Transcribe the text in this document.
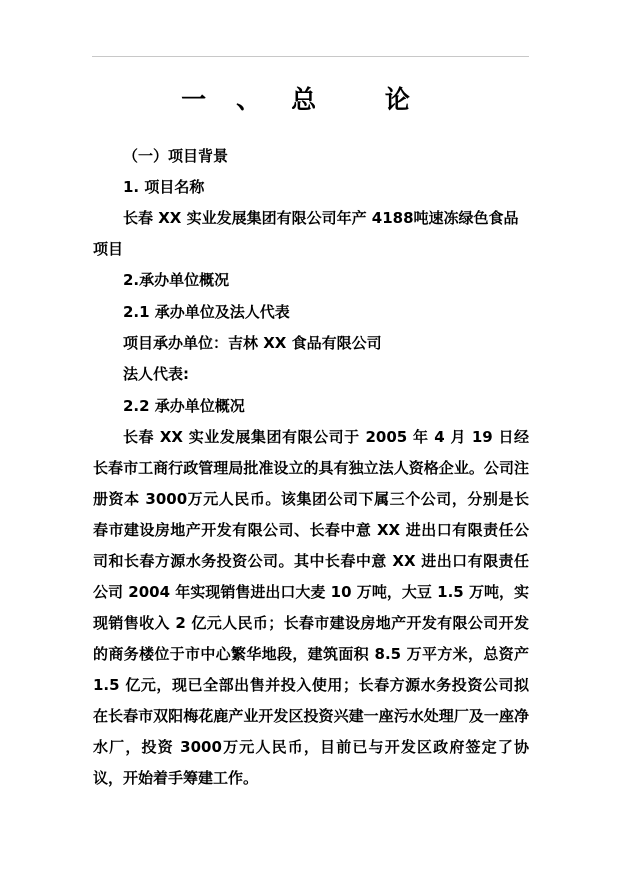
一、总 论
（一）项目背景
1. 项目名称
长春 XX 实业发展集团有限公司年产 4188吨速冻绿色食品
项目
2.承办单位概况
2.1 承办单位及法人代表
项目承办单位：吉林 XX 食品有限公司
法人代表:
2.2 承办单位概况
长春 XX 实业发展集团有限公司于 2005 年 4 月 19 日经长春市工商行政管理局批准设立的具有独立法人资格企业。公司注册资本 3000万元人民币。该集团公司下属三个公司，分别是长春市建设房地产开发有限公司、长春中意 XX 进出口有限责任公司和长春方源水务投资公司。其中长春中意 XX 进出口有限责任公司 2004 年实现销售进出口大麦 10 万吨，大豆 1.5 万吨，实现销售收入 2 亿元人民币；长春市建设房地产开发有限公司开发的商务楼位于市中心繁华地段，建筑面积 8.5 万平方米，总资产 1.5 亿元，现已全部出售并投入使用；长春方源水务投资公司拟在长春市双阳梅花鹿产业开发区投资兴建一座污水处理厂及一座净水厂，投资 3000万元人民币，目前已与开发区政府签定了协议，开始着手筹建工作。
